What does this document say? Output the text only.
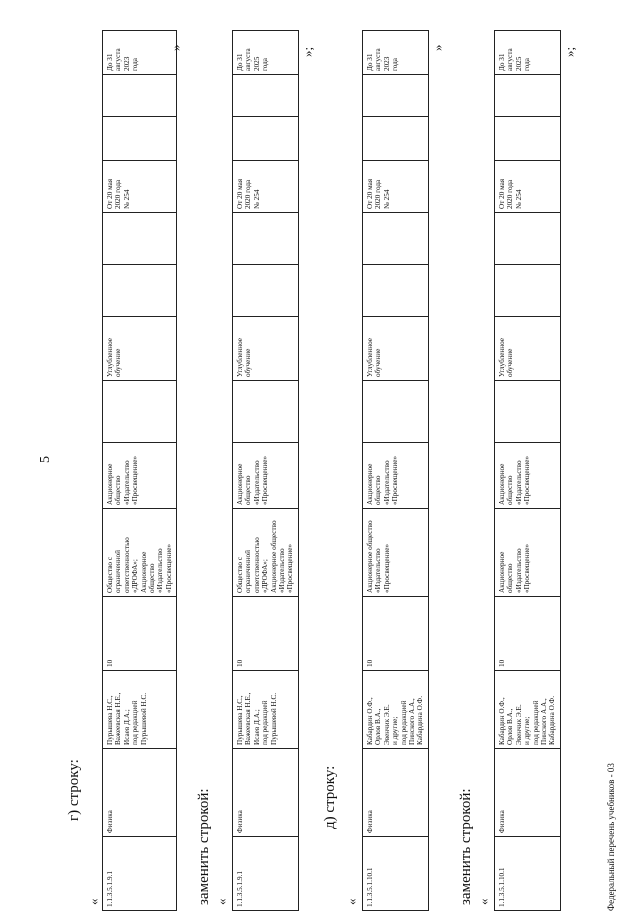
5
г) строку:
« 1.1.3.5.1.9.1	Физика	Пурышева Н.С.,
Важеевская Н.Е.,
Исаев Д.А.;
под редакцией
Пурышевой Н.С.	10	Общество с
ограниченной
ответственностью
«ДРОФА»;
Акционерное
общество
«Издательство
«Просвещение»	Акционерное
общество
«Издательство
«Просвещение»		Углубленное
обучение			От 20 мая
2020 года
№ 254			До 31
августа
2023
года
»
заменить строкой: « 1.1.3.5.1.9.1	Физика	Пурышева Н.С.,
Важеевская Н.Е.,
Исаев Д.А.;
под редакцией
Пурышевой Н.С.	10	Общество с
ограниченной
ответственностью
«ДРОФА»;
Акционерное общество
«Издательство
«Просвещение»	Акционерное
общество
«Издательство
«Просвещение»		Углубленное
обучение			От 20 мая
2020 года
№ 254			До 31
августа
2025
года
»;
д) строку:
« 1.1.3.5.1.10.1	Физика	Кабардин О.Ф.,
Орлов В.А.,
Эвенчик Э.Е.
и другие;
под редакцией
Пинского А.А.,
Кабардина О.Ф.	10	Акционерное общество
«Издательство
«Просвещение»	Акционерное
общество
«Издательство
«Просвещение»		Углубленное
обучение			От 20 мая
2020 года
№ 254			До 31
августа
2023
года
»
заменить строкой: « 1.1.3.5.1.10.1	Физика	Кабардин О.Ф.,
Орлов В.А.,
Эвенчик Э.Е.
и другие;
под редакцией
Пинского А.А.,
Кабардина О.Ф.	10	Акционерное
общество
«Издательство
«Просвещение»	Акционерное
общество
«Издательство
«Просвещение»		Углубленное
обучение			От 20 мая
2020 года
№ 254			До 31
августа
2025
года
»;
Федеральный перечень учебников - 03
